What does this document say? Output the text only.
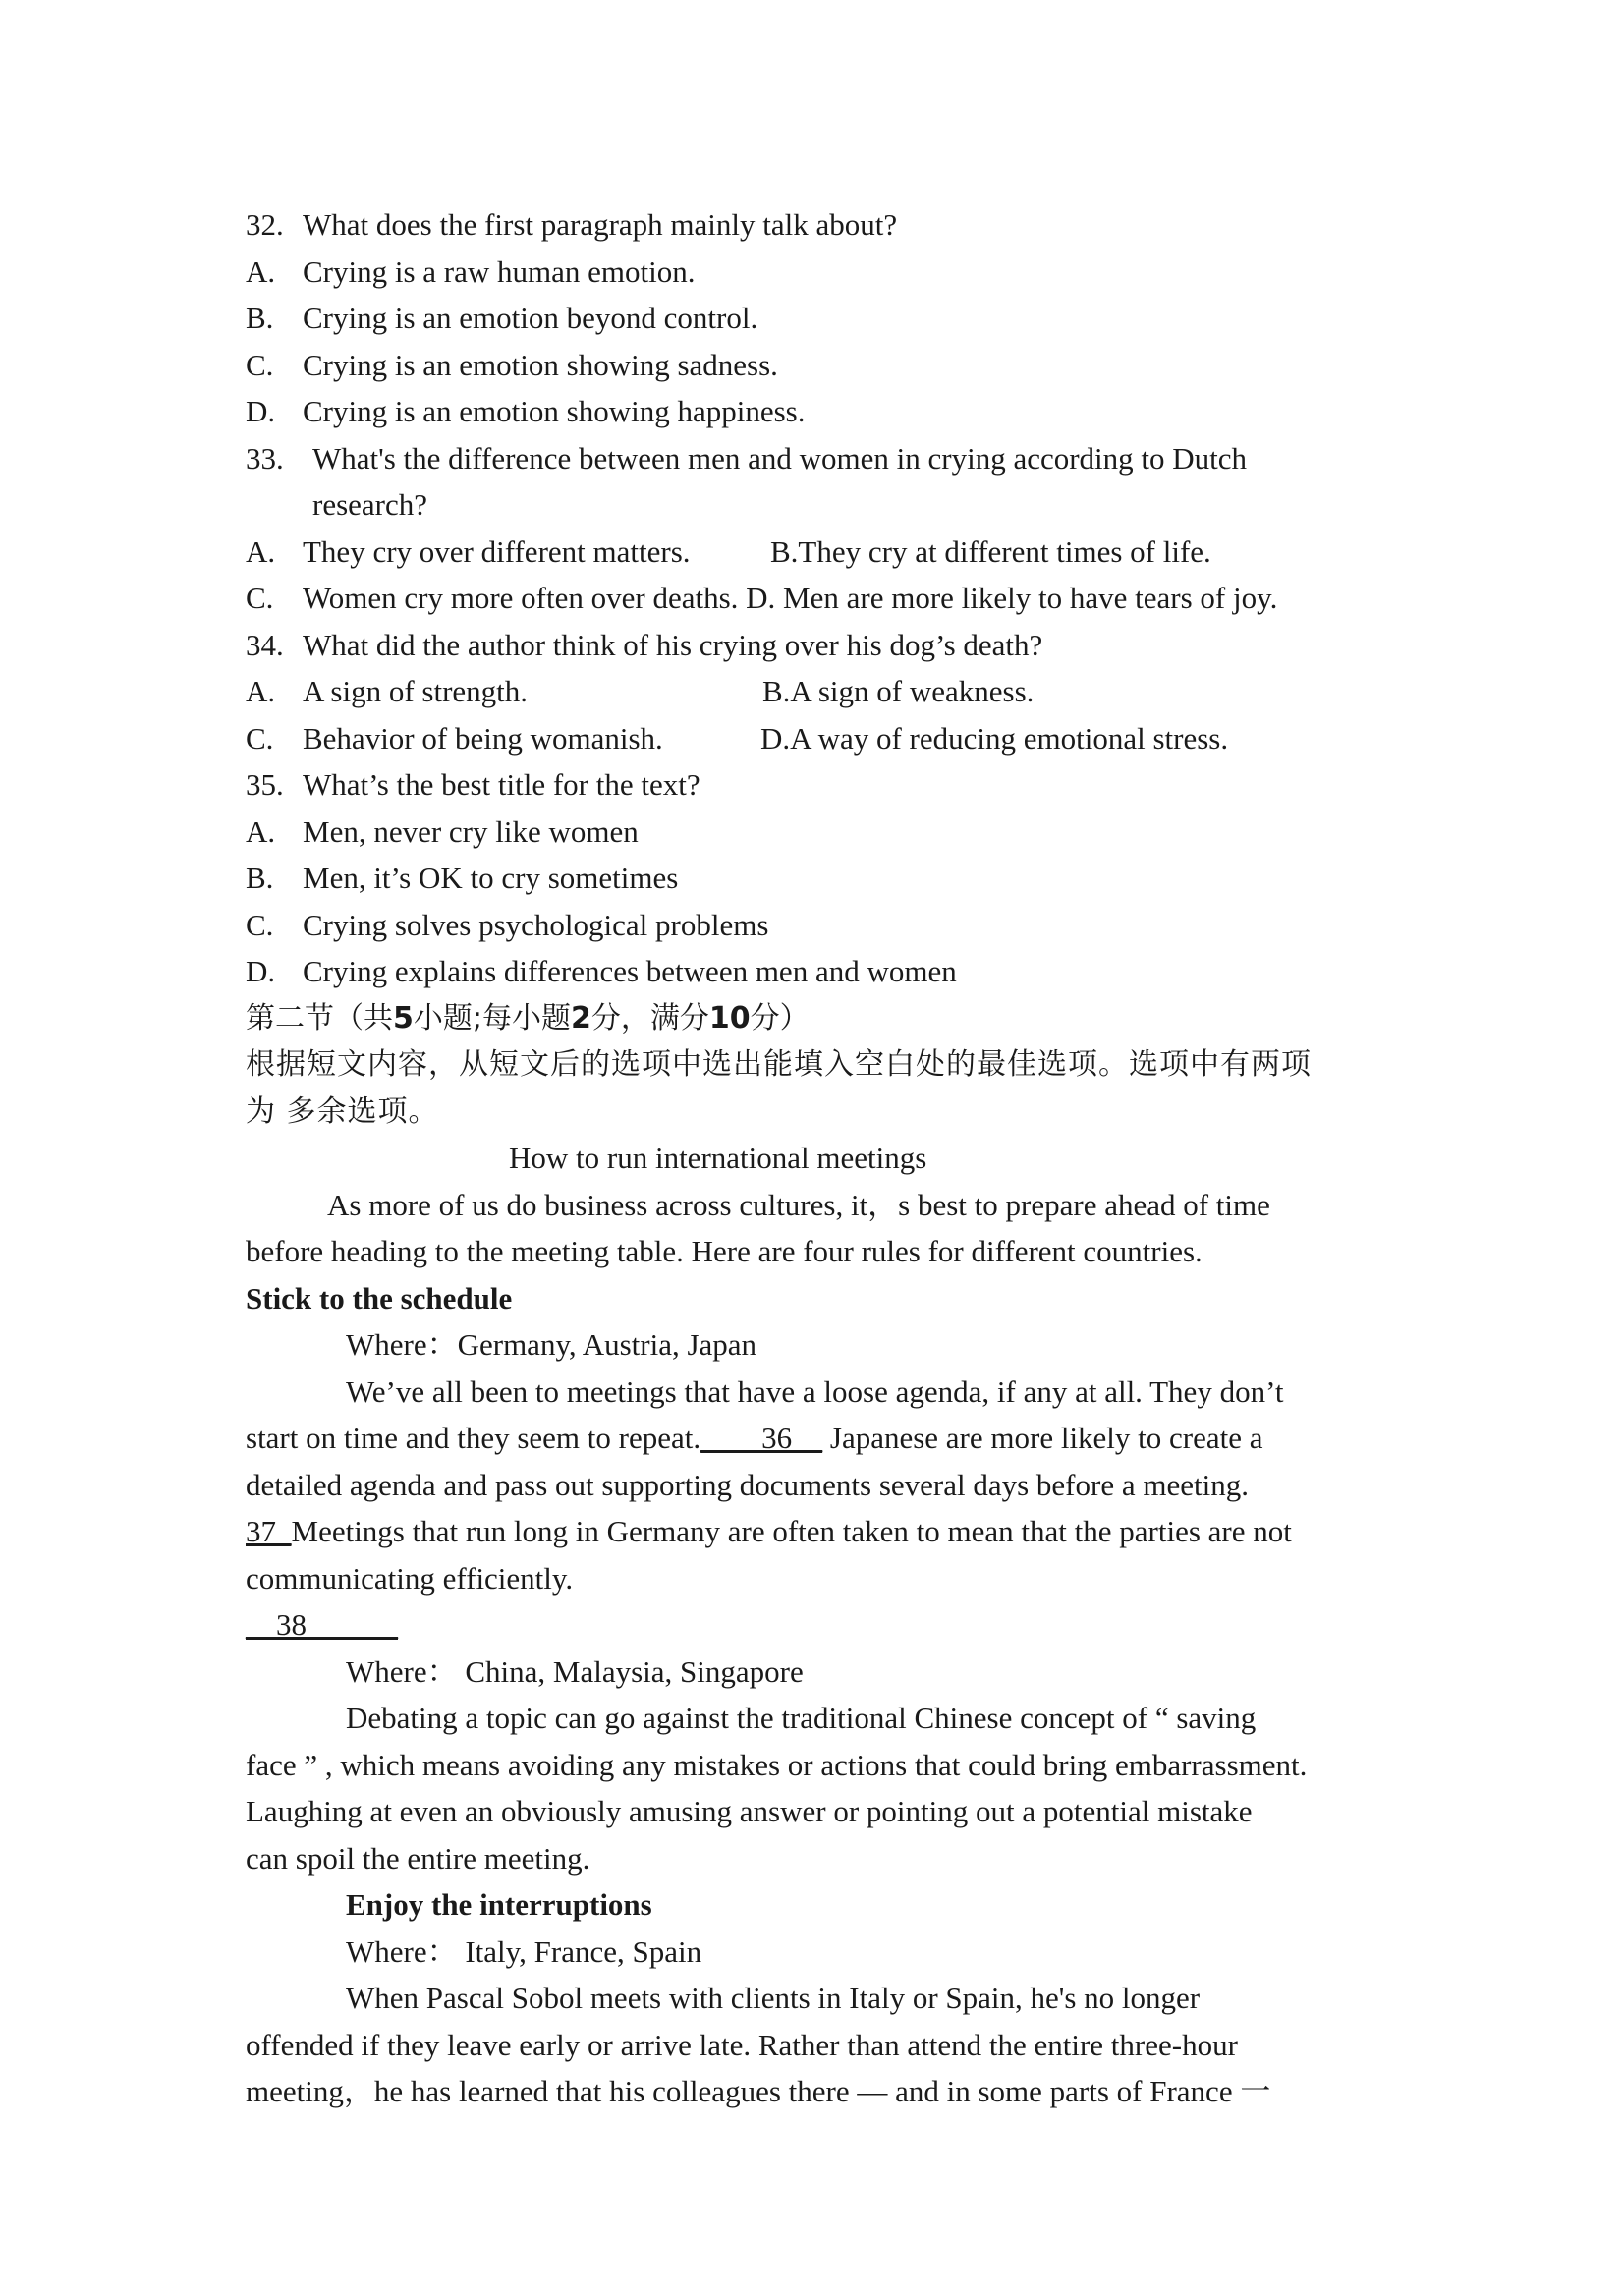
32. What does the first paragraph mainly talk about?
A. Crying is a raw human emotion.
B. Crying is an emotion beyond control.
C. Crying is an emotion showing sadness.
D. Crying is an emotion showing happiness.
33. What's the difference between men and women in crying according to Dutch
research?
A. They cry over different matters.	B.They cry at different times of life.
C. Women cry more often over deaths. D. Men are more likely to have tears of joy.
34. What did the author think of his crying over his dog’s death?
A. A sign of strength.	B.A sign of weakness.
C. Behavior of being womanish.	D.A way of reducing emotional stress.
35. What’s the best title for the text?
A. Men, never cry like women
B. Men, it’s OK to cry sometimes
C. Crying solves psychological problems
D. Crying explains differences between men and women
第二节（共5小题;每小题2分，满分10分）
根据短文内容，从短文后的选项中选出能填入空白处的最佳选项。选项中有两项
为 多余选项。
How to run international meetings
As more of us do business across cultures, it，s best to prepare ahead of time
before heading to the meeting table. Here are four rules for different countries.
Stick to the schedule
Where：Germany, Austria, Japan
We’ve all been to meetings that have a loose agenda, if any at all. They don’t
start on time and they seem to repeat.____36__ Japanese are more likely to create a
detailed agenda and pass out supporting documents several days before a meeting.
37_Meetings that run long in Germany are often taken to mean that the parties are not
communicating efficiently.
__38______
Where： China, Malaysia, Singapore
Debating a topic can go against the traditional Chinese concept of “ saving
face ” , which means avoiding any mistakes or actions that could bring embarrassment.
Laughing at even an obviously amusing answer or pointing out a potential mistake
can spoil the entire meeting.
Enjoy the interruptions
Where： Italy, France, Spain
When Pascal Sobol meets with clients in Italy or Spain, he's no longer
offended if they leave early or arrive late. Rather than attend the entire three-hour
meeting，he has learned that his colleagues there — and in some parts of France 一
